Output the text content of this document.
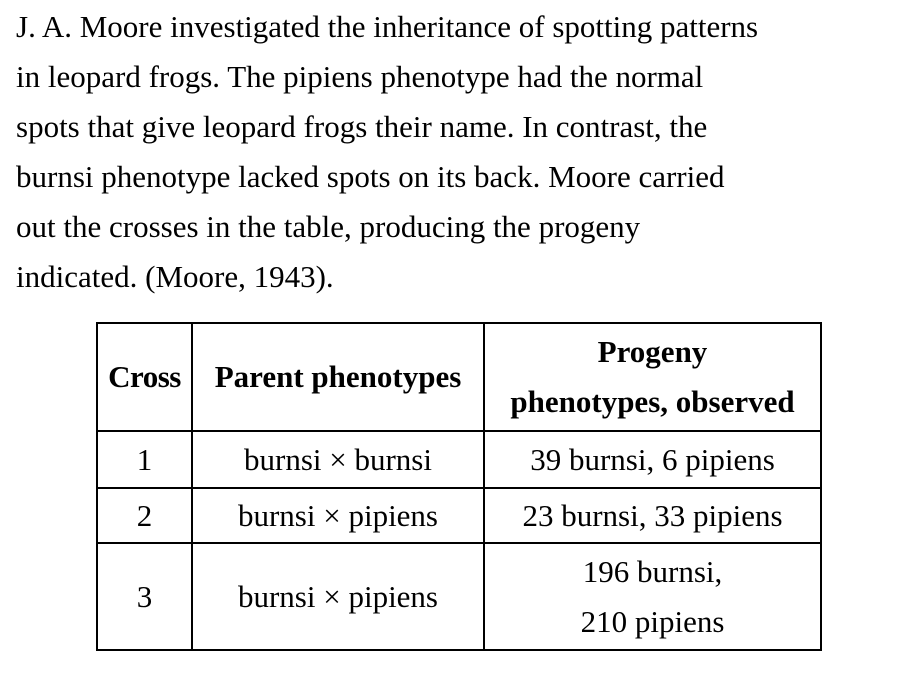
J. A. Moore investigated the inheritance of spotting patterns
in leopard frogs. The pipiens phenotype had the normal
spots that give leopard frogs their name. In contrast, the
burnsi phenotype lacked spots on its back. Moore carried
out the crosses in the table, producing the progeny
indicated. (Moore, 1943).
Cross	Parent phenotypes	Progeny
phenotypes, observed

1	burnsi × burnsi	39 burnsi, 6 pipiens

2	burnsi × pipiens	23 burnsi, 33 pipiens

3	burnsi × pipiens	196 burnsi,
210 pipiens
